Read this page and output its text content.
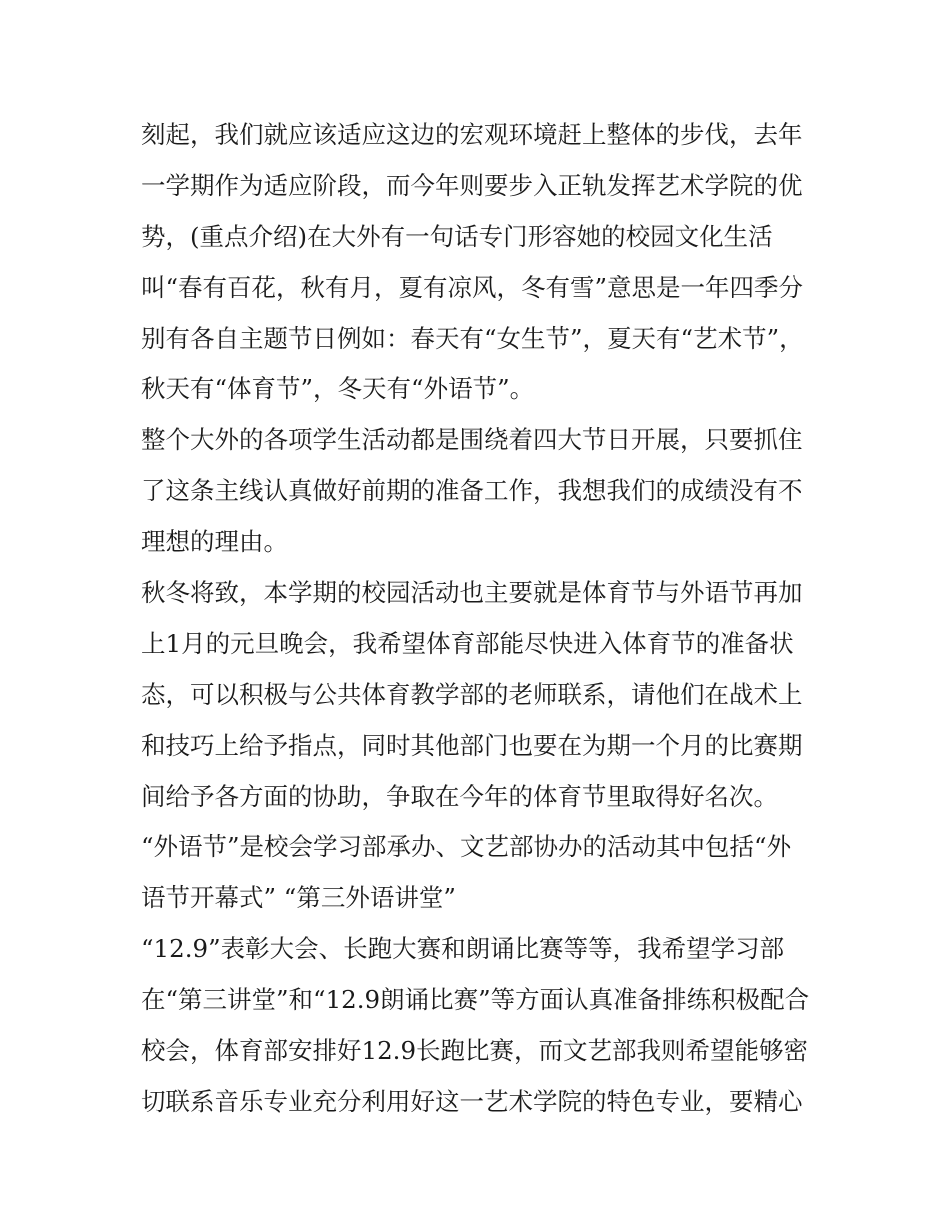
刻起，我们就应该适应这边的宏观环境赶上整体的步伐，去年
一学期作为适应阶段，而今年则要步入正轨发挥艺术学院的优
势，(重点介绍)在大外有一句话专门形容她的校园文化生活
叫“春有百花，秋有月，夏有凉风，冬有雪”意思是一年四季分
别有各自主题节日例如：春天有“女生节”，夏天有“艺术节”，
秋天有“体育节”，冬天有“外语节”。
整个大外的各项学生活动都是围绕着四大节日开展，只要抓住
了这条主线认真做好前期的准备工作，我想我们的成绩没有不
理想的理由。
秋冬将致，本学期的校园活动也主要就是体育节与外语节再加
上1月的元旦晚会，我希望体育部能尽快进入体育节的准备状
态，可以积极与公共体育教学部的老师联系，请他们在战术上
和技巧上给予指点，同时其他部门也要在为期一个月的比赛期
间给予各方面的协助，争取在今年的体育节里取得好名次。
“外语节”是校会学习部承办、文艺部协办的活动其中包括“外
语节开幕式” “第三外语讲堂”
“12.9”表彰大会、长跑大赛和朗诵比赛等等，我希望学习部
在“第三讲堂”和“12.9朗诵比赛”等方面认真准备排练积极配合
校会，体育部安排好12.9长跑比赛，而文艺部我则希望能够密
切联系音乐专业充分利用好这一艺术学院的特色专业，要精心
